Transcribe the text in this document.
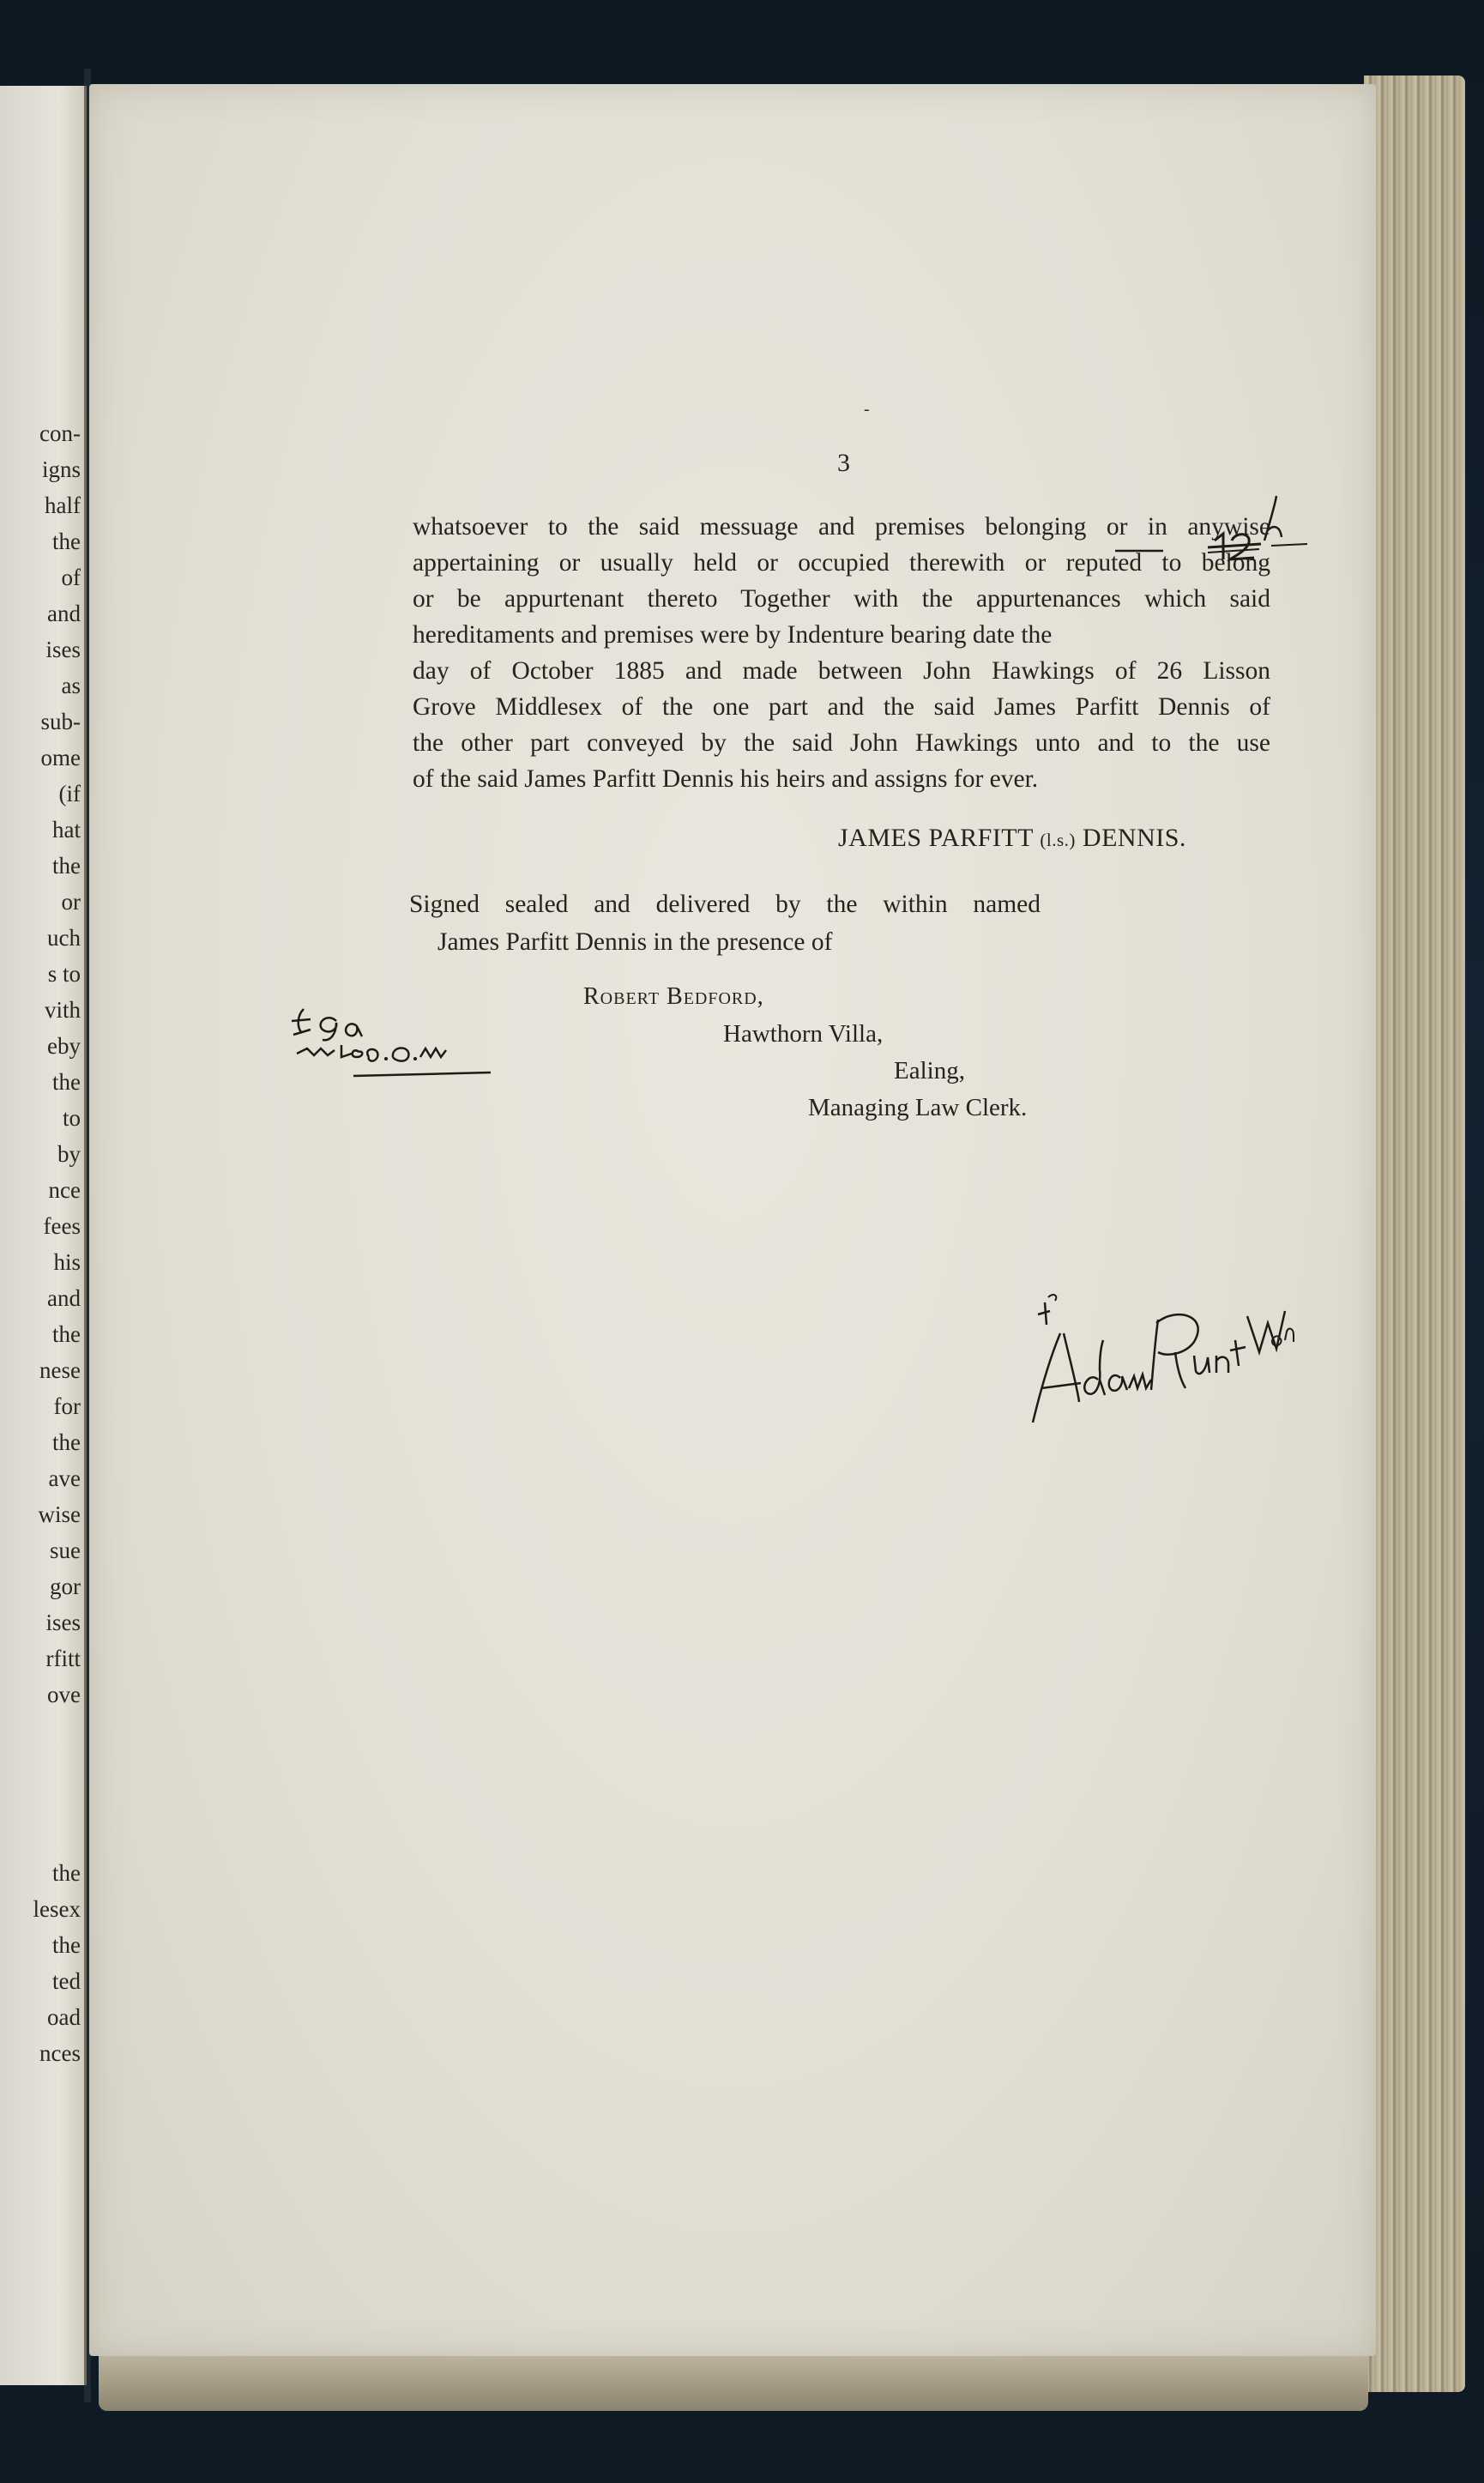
con-
igns
half
the
of
and
ises
as
sub-
ome
(if
hat
the
or
uch
s to
vith
eby
the
to
by
nce
fees
his
and
the
nese
for
the
ave
wise
sue
gor
ises
rfitt
ove
the
lesex
the
ted
oad
nces
-
3
whatsoever to the said messuage and premises belonging or in anywise
appertaining or usually held or occupied therewith or reputed to belong
or be appurtenant thereto Together with the appurtenances which said
hereditaments and premises were by Indenture bearing date the
day of October 1885 and made between John Hawkings of 26 Lisson
Grove Middlesex of the one part and the said James Parfitt Dennis of
the other part conveyed by the said John Hawkings unto and to the use
of the said James Parfitt Dennis his heirs and assigns for ever.
JAMES PARFITT (l.s.) DENNIS.
Signed sealed and delivered by the within named
James Parfitt Dennis in the presence of
Robert Bedford,
Hawthorn Villa,
Ealing,
Managing Law Clerk.
